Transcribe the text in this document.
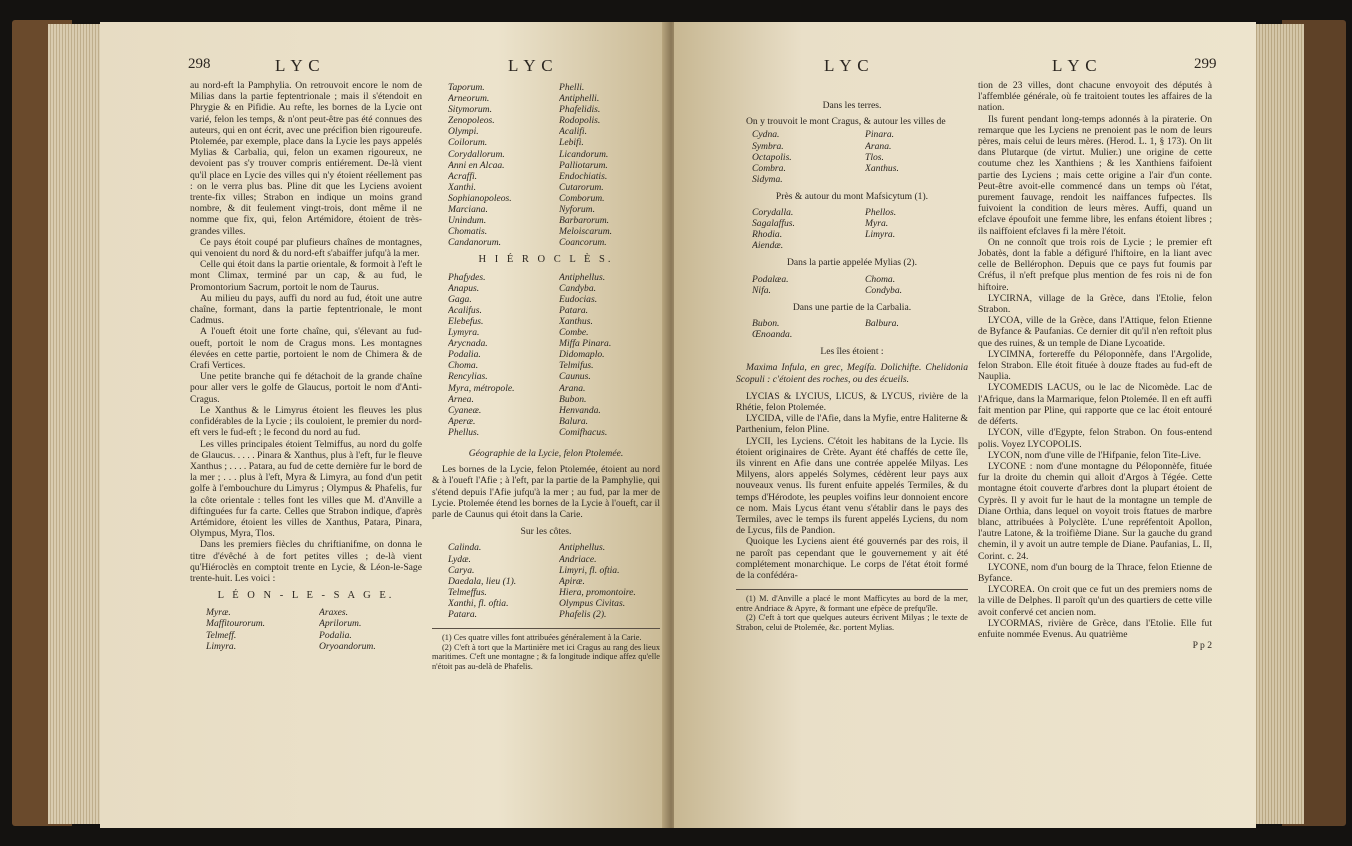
298	L Y C	L Y C

au nord-eft la Pamphylia. On retrouvoit encore le nom de Milias dans la partie feptentrionale ; mais il s'étendoit en Phrygie & en Pifidie. Au refte, les bornes de la Lycie ont varié, felon les temps, & n'ont peut-être pas été connues des auteurs, qui en ont écrit, avec une précifion bien rigoureufe. Ptolemée, par exemple, place dans la Lycie les pays appelés Mylias & Carbalia, qui, felon un examen rigoureux, ne devoient pas s'y trouver compris entiérement. De-là vient qu'il place en Lycie des villes qui n'y étoient réellement pas : on le verra plus bas. Pline dit que les Lyciens avoient trente-fix villes; Strabon en indique un moins grand nombre, & dit feulement vingt-trois, dont même il ne nomme que fix, qui, felon Artémidore, étoient de très-grandes villes.

Ce pays étoit coupé par plufieurs chaînes de montagnes, qui venoient du nord & du nord-eft s'abaiffer jufqu'à la mer.

Celle qui étoit dans la partie orientale, & formoit à l'eft le mont Climax, terminé par un cap, & au fud, le Promontorium Sacrum, portoit le nom de Taurus.

Au milieu du pays, auffi du nord au fud, étoit une autre chaîne, formant, dans la partie feptentrionale, le mont Cadmus.

A l'oueft étoit une forte chaîne, qui, s'élevant au fud-oueft, portoit le nom de Cragus mons. Les montagnes élevées en cette partie, portoient le nom de Chimera & de Crafi Vertices.

Une petite branche qui fe détachoit de la grande chaîne pour aller vers le golfe de Glaucus, portoit le nom d'Anti-Cragus.

Le Xanthus & le Limyrus étoient les fleuves les plus confidérables de la Lycie ; ils couloient, le premier du nord-eft vers le fud-eft ; le fecond du nord au fud.

Les villes principales étoient Telmiffus, au nord du golfe de Glaucus. . . . . Pinara & Xanthus, plus à l'eft, fur le fleuve Xanthus ; . . . . Patara, au fud de cette dernière fur le bord de la mer ; . . . plus à l'eft, Myra & Limyra, au fond d'un petit golfe à l'embouchure du Limyrus ; Olympus & Phafelis, fur la côte orientale : telles font les villes que M. d'Anville a diftinguées fur fa carte. Celles que Strabon indique, d'après Artémidore, étoient les villes de Xanthus, Patara, Pinara, Olympus, Myra, Tlos.

Dans les premiers fiècles du chriftianifme, on donna le titre d'évêché à de fort petites villes ; de-là vient qu'Hiéroclès en comptoit trente en Lycie, & Léon-le-Sage trente-huit. Les voici :

L É O N - L E - S A G E.
Myræ.	Araxes.
Maffitourorum.	Aprilorum.
Telmeff.	Podalia.
Limyra.	Oryoandorum.
Taporum.	Phelli.
Arneorum.	Antiphelli.
Sitymorum.	Phafelidis.
Zenopoleos.	Rodopolis.
Olympi.	Acalifi.
Coilorum.	Lebifi.
Corydallorum.	Licandorum.
Anni en Alcaa.	Palliotarum.
Acraffi.	Endochiatis.
Xanthi.	Cutarorum.
Sophianopoleos.	Comborum.
Marciana.	Nyforum.
Unindum.	Barbarorum.
Chomatis.	Meloiscarum.
Candanorum.	Coancorum.
H I É R O C L È S.
Phafydes.	Antiphellus.
Anapus.	Candyba.
Gaga.	Eudocias.
Acalifus.	Patara.
Elebefus.	Xanthus.
Lymyra.	Combe.
Arycnada.	Miffa Pinara.
Podalia.	Didomaplo.
Choma.	Telmifus.
Rencylias.	Caunus.
Myra, métropole.	Arana.
Arnea.	Bubon.
Cyaneæ.	Henvanda.
Aperæ.	Balura.
Phellus.	Comifhacus.
Géographie de la Lycie, felon Ptolemée.

Les bornes de la Lycie, felon Ptolemée, étoient au nord & à l'oueft l'Afie ; à l'eft, par la partie de la Pamphylie, qui s'étend depuis l'Afie jufqu'à la mer ; au fud, par la mer de Lycie. Ptolemée étend les bornes de la Lycie à l'oueft, car il parle de Caunus qui étoit dans la Carie.

Sur les côtes.
Calinda.	Antiphellus.
Lydæ.	Andriace.
Carya.	Limyri, fl. oftia.
Daedala, lieu (1).	Apiræ.
Telmeffus.	Hiera, promontoire.
Xanthi, fl. oftia.	Olympus Civitas.
Patara.	Phafelis (2).

(1) Ces quatre villes font attribuées généralement à la Carie.

(2) C'eft à tort que la Martinière met ici Cragus au rang des lieux maritimes. C'eft une montagne ; & fa longitude indique affez qu'elle n'étoit pas au-delà de Phafelis.

L Y C	L Y C	299
Dans les terres.

On y trouvoit le mont Cragus, & autour les villes de

Cydna.	Pinara.
Symbra.	Arana.
Octapolis.	Tlos.
Combra.	Xanthus.
Sidyma.
Près & autour du mont Mafsicytum (1).
Corydalla.	Phellos.
Sagalaffus.	Myra.
Rhodia.	Limyra.
Aiendæ.
Dans la partie appelée Mylias (2).
Podalæa.	Choma.
Nifa.	Condyba.
Dans une partie de la Carbalia.
Bubon.	Balbura.
Œnoanda.
Les îles étoient :

Maxima Infula, en grec, Megífa. Dolichifte. Chelidonia Scopuli : c'étoient des roches, ou des écueils.

LYCIAS & LYCIUS, LICUS, & LYCUS, rivière de la Rhétie, felon Ptolemée.

LYCIDA, ville de l'Afie, dans la Myfie, entre Haliterne & Parthenium, felon Pline.

LYCII, les Lyciens. C'étoit les habitans de la Lycie. Ils étoient originaires de Crète. Ayant été chaffés de cette île, ils vinrent en Afie dans une contrée appelée Milyas. Les Milyens, alors appelés Solymes, cédèrent leur pays aux nouveaux venus. Ils furent enfuite appelés Termiles, & du temps d'Hérodote, les peuples voifins leur donnoient encore ce nom. Mais Lycus étant venu s'établir dans le pays des Termiles, avec le temps ils furent appelés Lyciens, du nom de Lycus, fils de Pandion.

Quoique les Lyciens aient été gouvernés par des rois, il ne paroît pas cependant que le gouvernement y ait été complétement monarchique. Le corps de l'état étoit formé de la confédéra-

(1) M. d'Anville a placé le mont Mafficytes au bord de la mer, entre Andriace & Apyre, & formant une efpèce de prefqu'île.

(2) C'eft à tort que quelques auteurs écrivent Milyas ; le texte de Strabon, celui de Ptolemée, &c. portent Mylias.

tion de 23 villes, dont chacune envoyoit des députés à l'affemblée générale, où fe traitoient toutes les affaires de la nation.

Ils furent pendant long-temps adonnés à la piraterie. On remarque que les Lyciens ne prenoient pas le nom de leurs pères, mais celui de leurs mères. (Herod. L. 1, § 173). On lit dans Plutarque (de virtut. Mulier.) une origine de cette coutume chez les Xanthiens ; & les Xanthiens faifoient partie des Lyciens ; mais cette origine a l'air d'un conte. Peut-être avoit-elle commencé dans un temps où l'état, purement fauvage, rendoit les naiffances fufpectes. Ils fuivoient la condition de leurs mères. Auffi, quand un efclave époufoit une femme libre, les enfans étoient libres ; ils naiffoient efclaves fi la mère l'étoit.

On ne connoît que trois rois de Lycie ; le premier eft Jobatès, dont la fable a défiguré l'hiftoire, en la liant avec celle de Bellérophon. Depuis que ce pays fut foumis par Créfus, il n'eft prefque plus mention de fes rois ni de fon hiftoire.

LYCIRNA, village de la Grèce, dans l'Etolie, felon Strabon.

LYCOA, ville de la Grèce, dans l'Attique, felon Etienne de Byfance & Paufanias. Ce dernier dit qu'il n'en reftoit plus que des ruines, & un temple de Diane Lycoatide.

LYCIMNA, fortereffe du Péloponnèfe, dans l'Argolide, felon Strabon. Elle étoit fituée à douze ftades au fud-eft de Nauplia.

LYCOMEDIS LACUS, ou le lac de Nicomède. Lac de l'Afrique, dans la Marmarique, felon Ptolemée. Il en eft auffi fait mention par Pline, qui rapporte que ce lac étoit entouré de déferts.

LYCON, ville d'Egypte, felon Strabon. On fous-entend polis. Voyez LYCOPOLIS.

LYCON, nom d'une ville de l'Hifpanie, felon Tite-Live.

LYCONE : nom d'une montagne du Péloponnèfe, fituée fur la droite du chemin qui alloit d'Argos à Tégée. Cette montagne étoit couverte d'arbres dont la plupart étoient de Cyprès. Il y avoit fur le haut de la montagne un temple de Diane Orthia, dans lequel on voyoit trois ftatues de marbre blanc, attribuées à Polyclète. L'une repréfentoit Apollon, l'autre Latone, & la troifième Diane. Sur la gauche du grand chemin, il y avoit un autre temple de Diane. Paufanias, L. II, Corint. c. 24.

LYCONE, nom d'un bourg de la Thrace, felon Etienne de Byfance.

LYCOREA. On croit que ce fut un des premiers noms de la ville de Delphes. Il paroît qu'un des quartiers de cette ville avoit confervé cet ancien nom.

LYCORMAS, rivière de Grèce, dans l'Etolie. Elle fut enfuite nommée Evenus. Au quatrième

P p 2
